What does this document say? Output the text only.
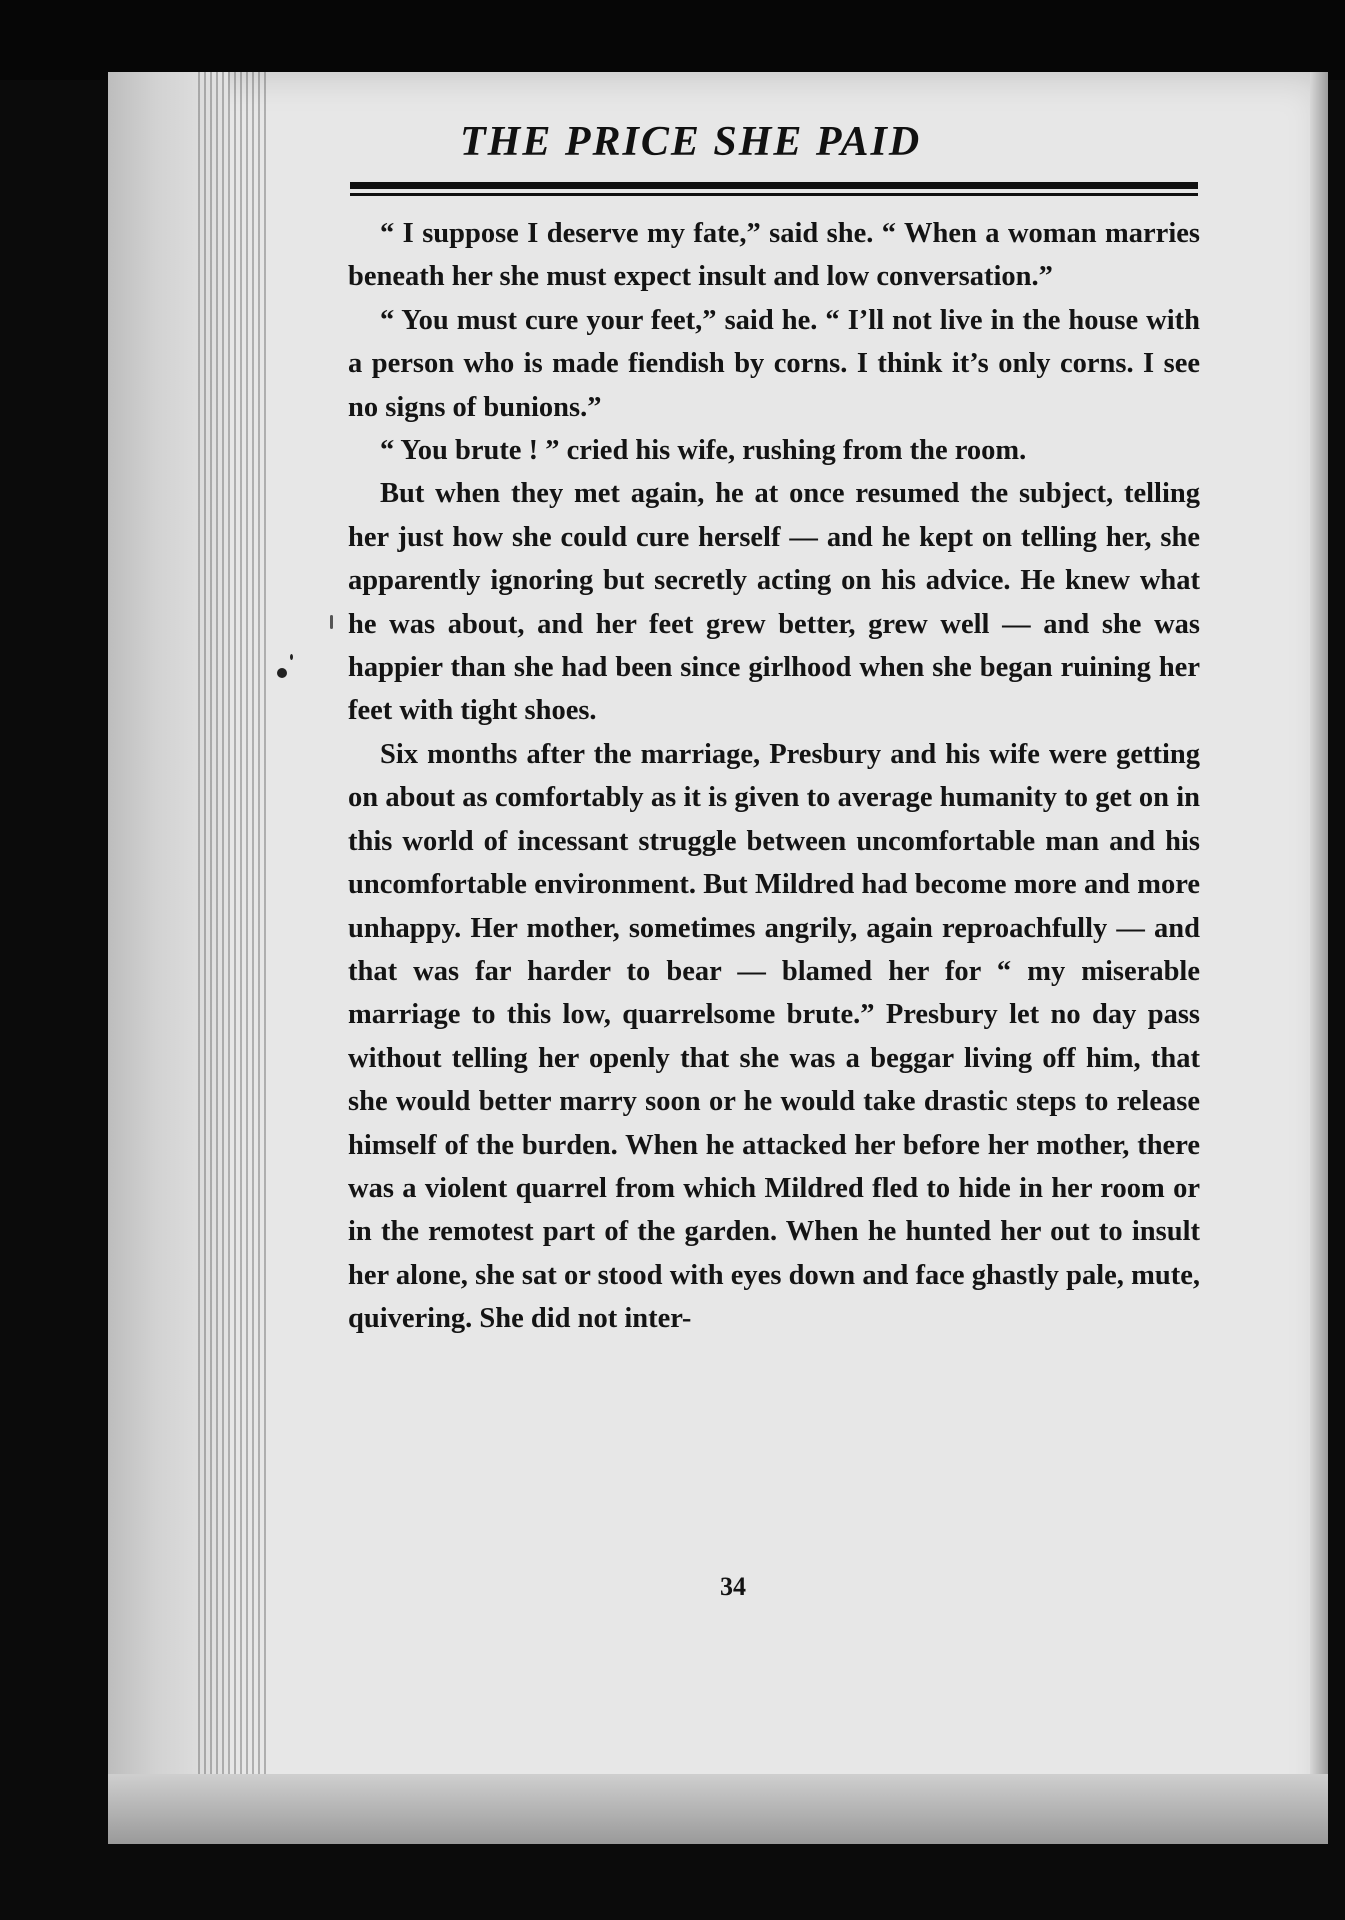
THE PRICE SHE PAID

“ I suppose I deserve my fate,” said she. “ When a woman marries beneath her she must expect insult and low conversation.”

“ You must cure your feet,” said he. “ I’ll not live in the house with a person who is made fiendish by corns. I think it’s only corns. I see no signs of bunions.”

“ You brute ! ” cried his wife, rushing from the room.

But when they met again, he at once resumed the subject, telling her just how she could cure herself — and he kept on telling her, she apparently ignoring but secretly acting on his advice. He knew what he was about, and her feet grew better, grew well — and she was happier than she had been since girlhood when she began ruining her feet with tight shoes.

Six months after the marriage, Presbury and his wife were getting on about as comfortably as it is given to average humanity to get on in this world of incessant struggle between uncomfortable man and his uncomfortable environment. But Mildred had become more and more unhappy. Her mother, sometimes angrily, again reproachfully — and that was far harder to bear — blamed her for “ my miserable marriage to this low, quarrelsome brute.” Presbury let no day pass without telling her openly that she was a beggar living off him, that she would better marry soon or he would take drastic steps to release himself of the burden. When he attacked her before her mother, there was a violent quarrel from which Mildred fled to hide in her room or in the remotest part of the garden. When he hunted her out to insult her alone, she sat or stood with eyes down and face ghastly pale, mute, quivering. She did not inter-

34
